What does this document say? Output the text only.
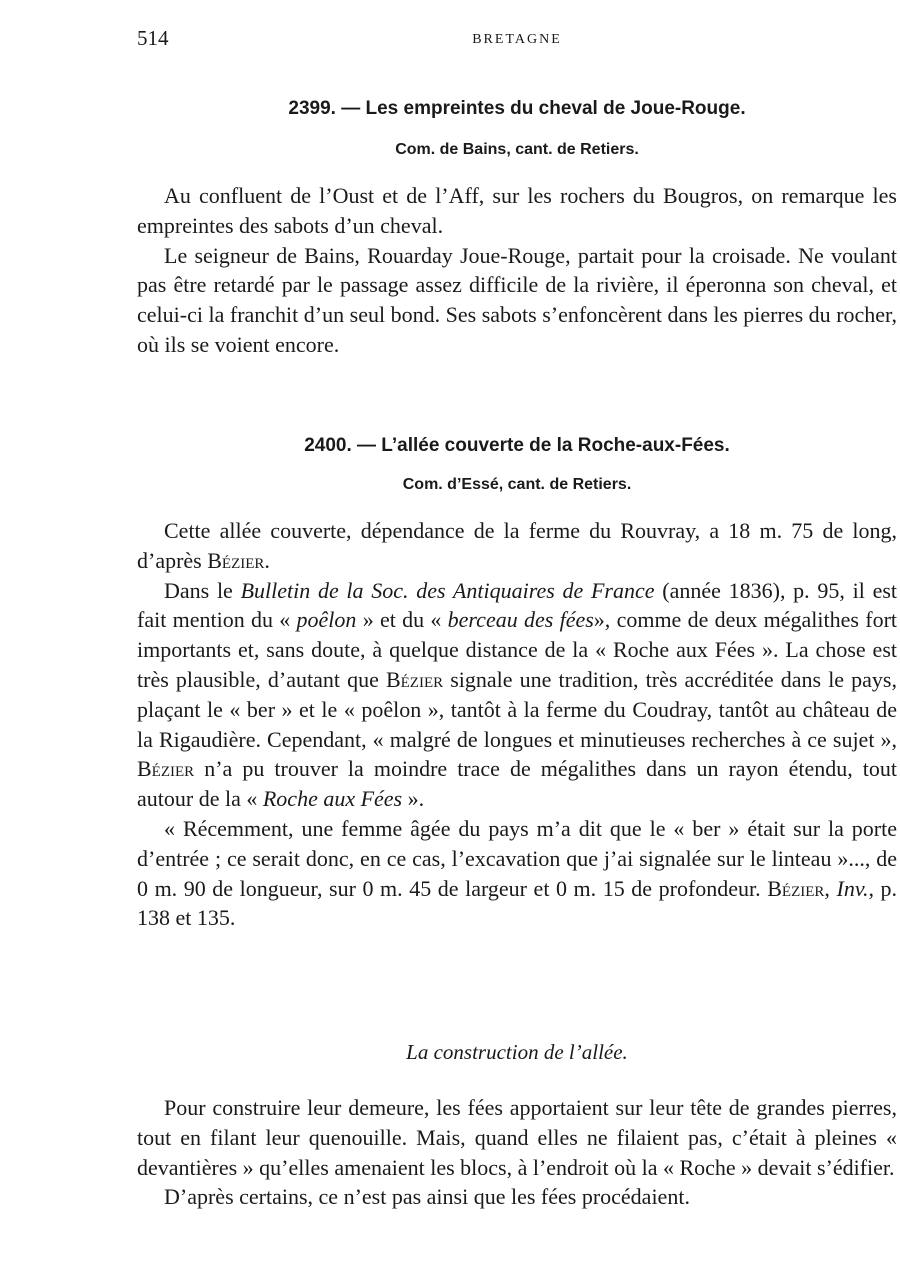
514	BRETAGNE
2399. — Les empreintes du cheval de Joue-Rouge.
Com. de Bains, cant. de Retiers.

Au confluent de l’Oust et de l’Aff, sur les rochers du Bougros, on remarque les empreintes des sabots d’un cheval.

Le seigneur de Bains, Rouarday Joue-Rouge, partait pour la croisade. Ne voulant pas être retardé par le passage assez difficile de la rivière, il éperonna son cheval, et celui-ci la franchit d’un seul bond. Ses sabots s’enfoncèrent dans les pierres du rocher, où ils se voient encore.

2400. — L’allée couverte de la Roche-aux-Fées.
Com. d’Essé, cant. de Retiers.

Cette allée couverte, dépendance de la ferme du Rouvray, a 18 m. 75 de long, d’après Bézier.

Dans le Bulletin de la Soc. des Antiquaires de France (année 1836), p. 95, il est fait mention du « poêlon » et du « berceau des fées», comme de deux mégalithes fort importants et, sans doute, à quelque distance de la « Roche aux Fées ». La chose est très plausible, d’autant que Bézier signale une tradition, très accréditée dans le pays, plaçant le « ber » et le « poêlon », tantôt à la ferme du Coudray, tantôt au château de la Rigaudière. Cependant, « malgré de longues et minutieuses recherches à ce sujet », Bézier n’a pu trouver la moindre trace de mégalithes dans un rayon étendu, tout autour de la « Roche aux Fées ».

« Récemment, une femme âgée du pays m’a dit que le « ber » était sur la porte d’entrée ; ce serait donc, en ce cas, l’excavation que j’ai signalée sur le linteau »..., de 0 m. 90 de longueur, sur 0 m. 45 de largeur et 0 m. 15 de profondeur. Bézier, Inv., p. 138 et 135.

La construction de l’allée.

Pour construire leur demeure, les fées apportaient sur leur tête de grandes pierres, tout en filant leur quenouille. Mais, quand elles ne filaient pas, c’était à pleines « devantières » qu’elles amenaient les blocs, à l’endroit où la « Roche » devait s’édifier.

D’après certains, ce n’est pas ainsi que les fées procédaient.
